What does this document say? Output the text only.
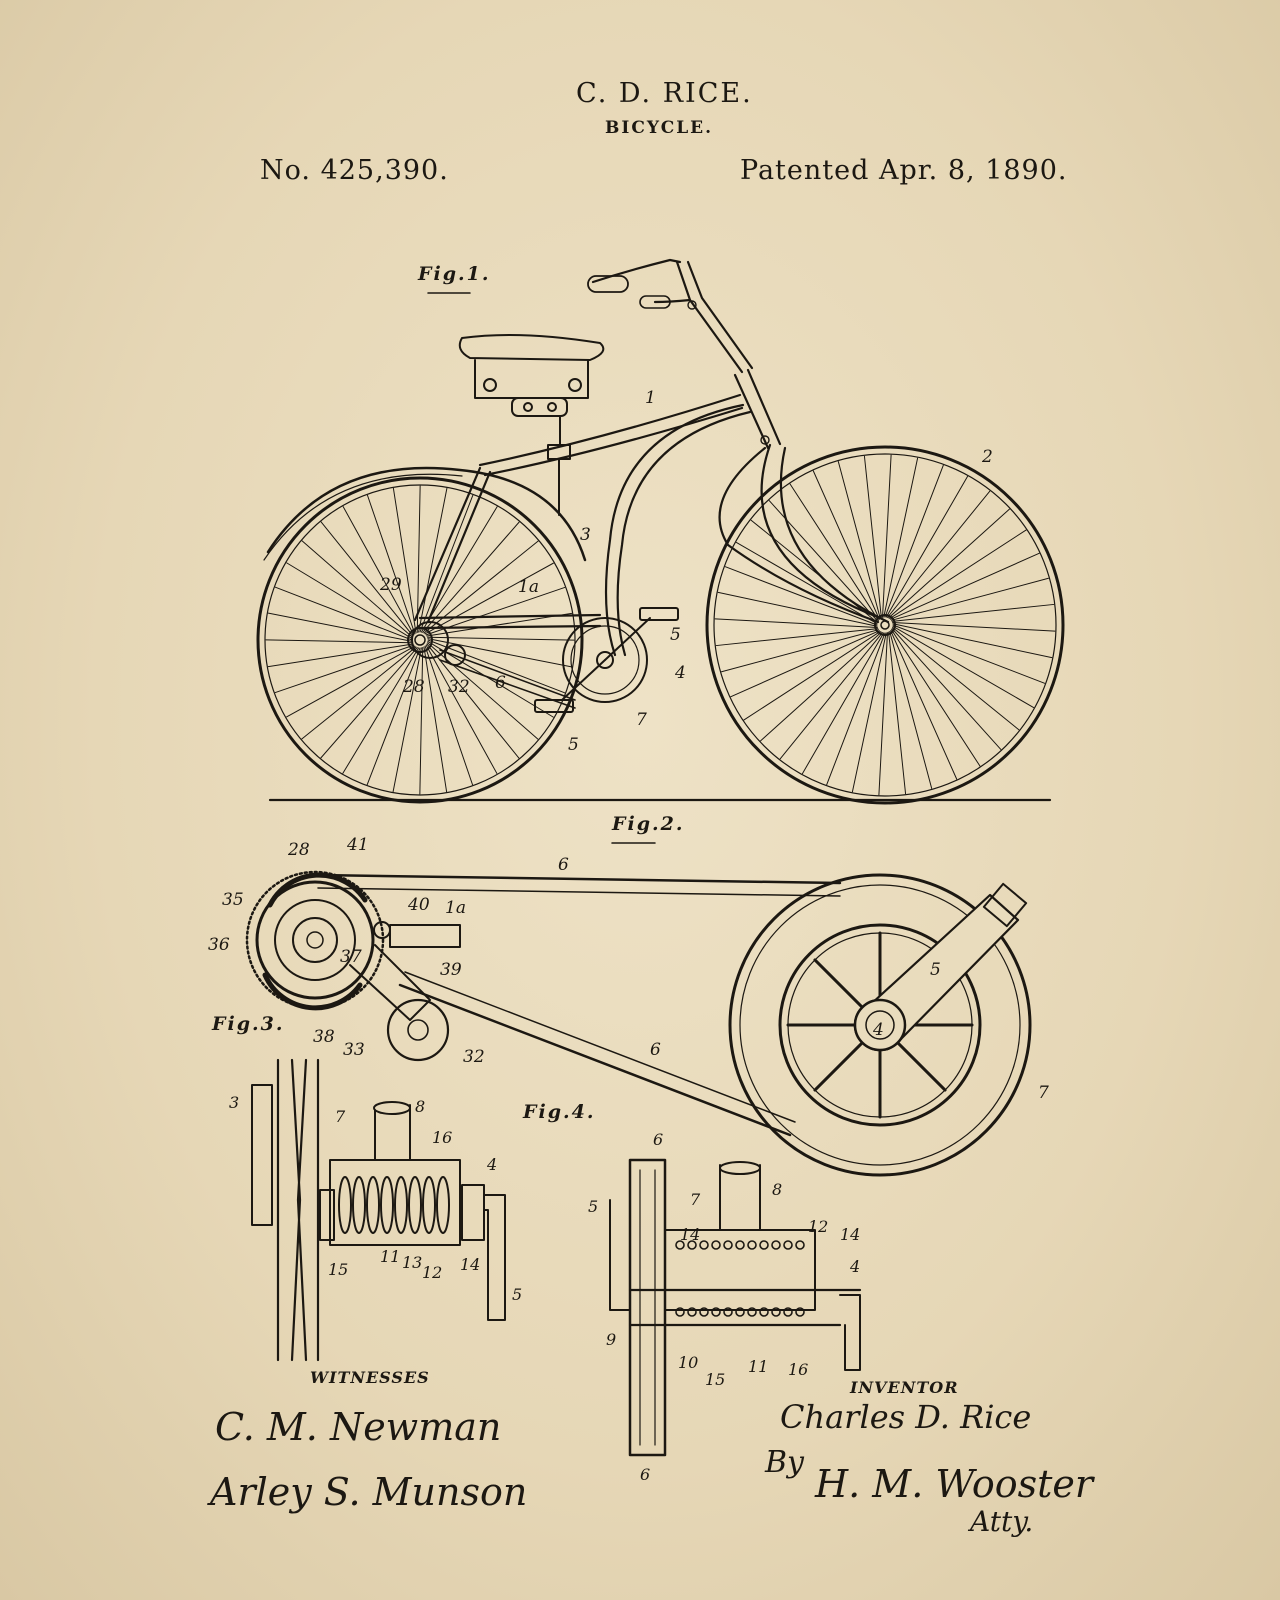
C. D. RICE.
BICYCLE.
No. 425,390.	Patented Apr. 8, 1890.
Fig.1.
1
2
3
1a
29
28 32 6
5
4
7
5
Fig.2.
Fig.3.
28 41
6
35	40 1a
36
37
39
38
33	32	6
5
4
7
3
7
8
16
4
15
11 13
12 14
5
Fig.4.
6
7
8
5
14	12 14
4
9
10
15
11 16
6
WITNESSES
C. M. Newman
Arley S. Munson
INVENTOR
Charles D. Rice
By H. M. Wooster
Atty.
